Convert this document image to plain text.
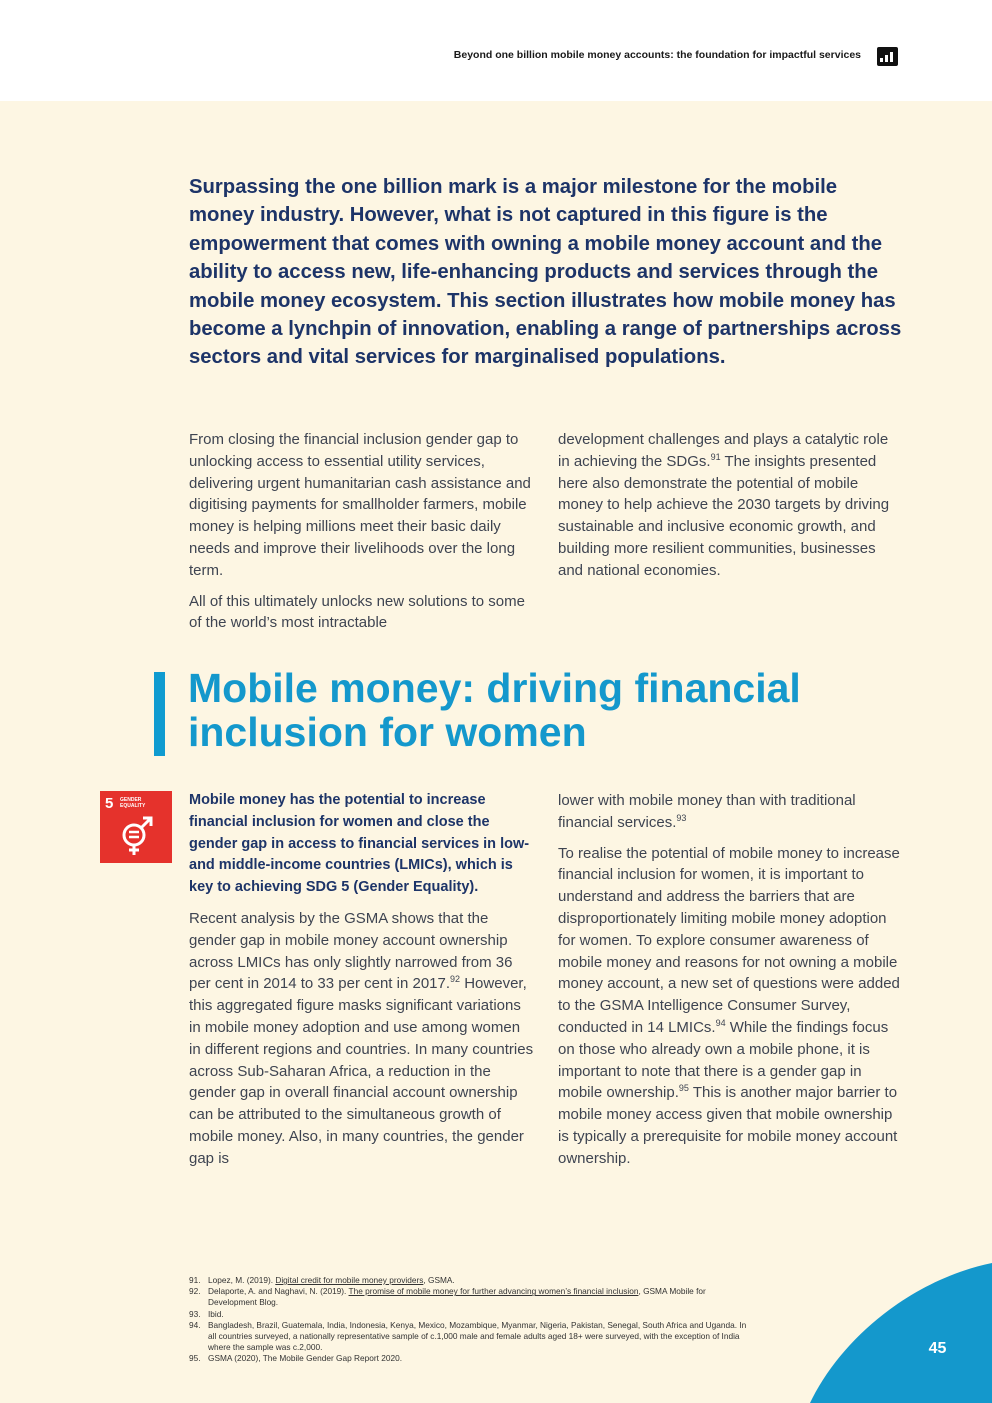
Beyond one billion mobile money accounts: the foundation for impactful services

Surpassing the one billion mark is a major milestone for the mobile money industry. However, what is not captured in this figure is the empowerment that comes with owning a mobile money account and the ability to access new, life-enhancing products and services through the mobile money ecosystem. This section illustrates how mobile money has become a lynchpin of innovation, enabling a range of partnerships across sectors and vital services for marginalised populations.

From closing the financial inclusion gender gap to unlocking access to essential utility services, delivering urgent humanitarian cash assistance and digitising payments for smallholder farmers, mobile money is helping millions meet their basic daily needs and improve their livelihoods over the long term.

All of this ultimately unlocks new solutions to some of the world’s most intractable

development challenges and plays a catalytic role in achieving the SDGs.$^{91}$ The insights presented here also demonstrate the potential of mobile money to help achieve the 2030 targets by driving sustainable and inclusive economic growth, and building more resilient communities, businesses and national economies.

Mobile money: driving financial inclusion for women
5 GENDER EQUALITY	Mobile money has the potential to increase financial inclusion for women and close the gender gap in access to financial services in low- and middle-income countries (LMICs), which is key to achieving SDG 5 (Gender Equality).

Recent analysis by the GSMA shows that the gender gap in mobile money account ownership across LMICs has only slightly narrowed from 36 per cent in 2014 to 33 per cent in 2017.92 However, this aggregated figure masks significant variations in mobile money adoption and use among women in different regions and countries. In many countries across Sub-Saharan Africa, a reduction in the gender gap in overall financial account ownership can be attributed to the simultaneous growth of mobile money. Also, in many countries, the gender gap is

lower with mobile money than with traditional financial services.$^{93}$

To realise the potential of mobile money to increase financial inclusion for women, it is important to understand and address the barriers that are disproportionately limiting mobile money adoption for women. To explore consumer awareness of mobile money and reasons for not owning a mobile money account, a new set of questions were added to the GSMA Intelligence Consumer Survey, conducted in 14 LMICs.$^{94}$ While the findings focus on those who already own a mobile phone, it is important to note that there is a gender gap in mobile ownership.$^{95}$ This is another major barrier to mobile money access given that mobile ownership is typically a prerequisite for mobile money account ownership.

91. Lopez, M. (2019). Digital credit for mobile money providers, GSMA.
92. Delaporte, A. and Naghavi, N. (2019). The promise of mobile money for further advancing women’s financial inclusion, GSMA Mobile for Development Blog.
93. Ibid.
94. Bangladesh, Brazil, Guatemala, India, Indonesia, Kenya, Mexico, Mozambique, Myanmar, Nigeria, Pakistan, Senegal, South Africa and Uganda. In all countries surveyed, a nationally representative sample of c.1,000 male and female adults aged 18+ were surveyed, with the exception of India where the sample was c.2,000.
95. GSMA (2020), The Mobile Gender Gap Report 2020.
45
